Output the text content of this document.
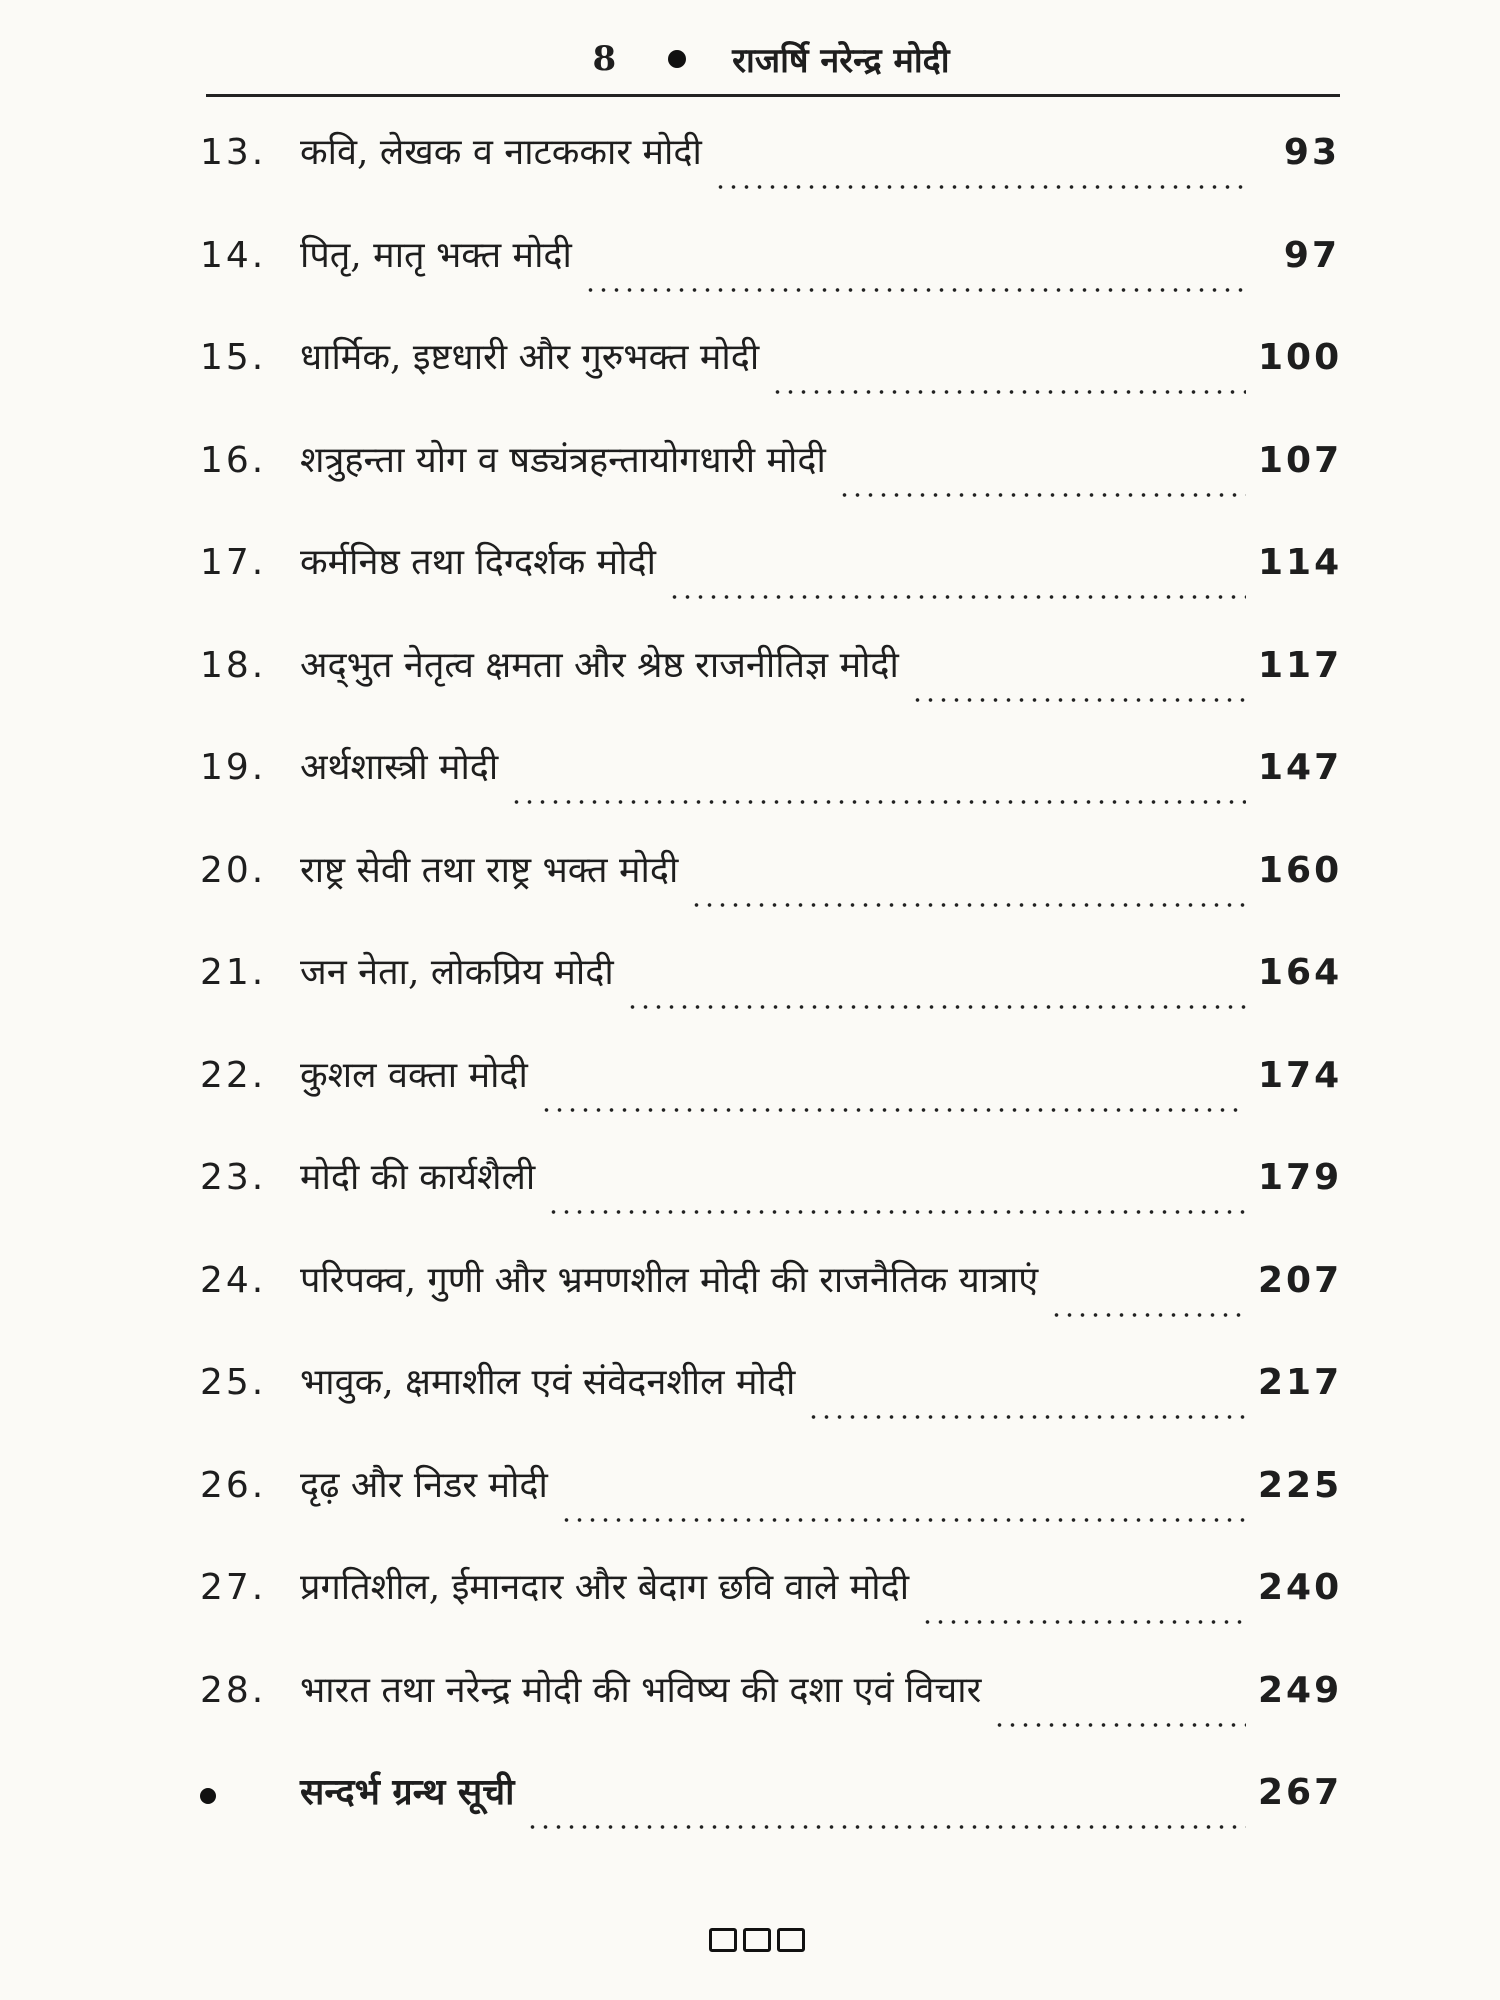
8	राजर्षि नरेन्द्र मोदी
13. कवि, लेखक व नाटककार मोदी	93
14. पितृ, मातृ भक्त मोदी	97
15. धार्मिक, इष्टधारी और गुरुभक्त मोदी	100
16. शत्रुहन्ता योग व षड्यंत्रहन्तायोगधारी मोदी	107
17. कर्मनिष्ठ तथा दिग्दर्शक मोदी	114
18. अद्‌भुत नेतृत्व क्षमता और श्रेष्ठ राजनीतिज्ञ मोदी	117
19. अर्थशास्त्री मोदी	147
20. राष्ट्र सेवी तथा राष्ट्र भक्त मोदी	160
21. जन नेता, लोकप्रिय मोदी	164
22. कुशल वक्ता मोदी	174
23. मोदी की कार्यशैली	179
24. परिपक्व, गुणी और भ्रमणशील मोदी की राजनैतिक यात्राएं	207
25. भावुक, क्षमाशील एवं संवेदनशील मोदी	217
26. दृढ़ और निडर मोदी	225
27. प्रगतिशील, ईमानदार और बेदाग छवि वाले मोदी	240
28. भारत तथा नरेन्द्र मोदी की भविष्य की दशा एवं विचार	249
सन्दर्भ ग्रन्थ सूची	267
